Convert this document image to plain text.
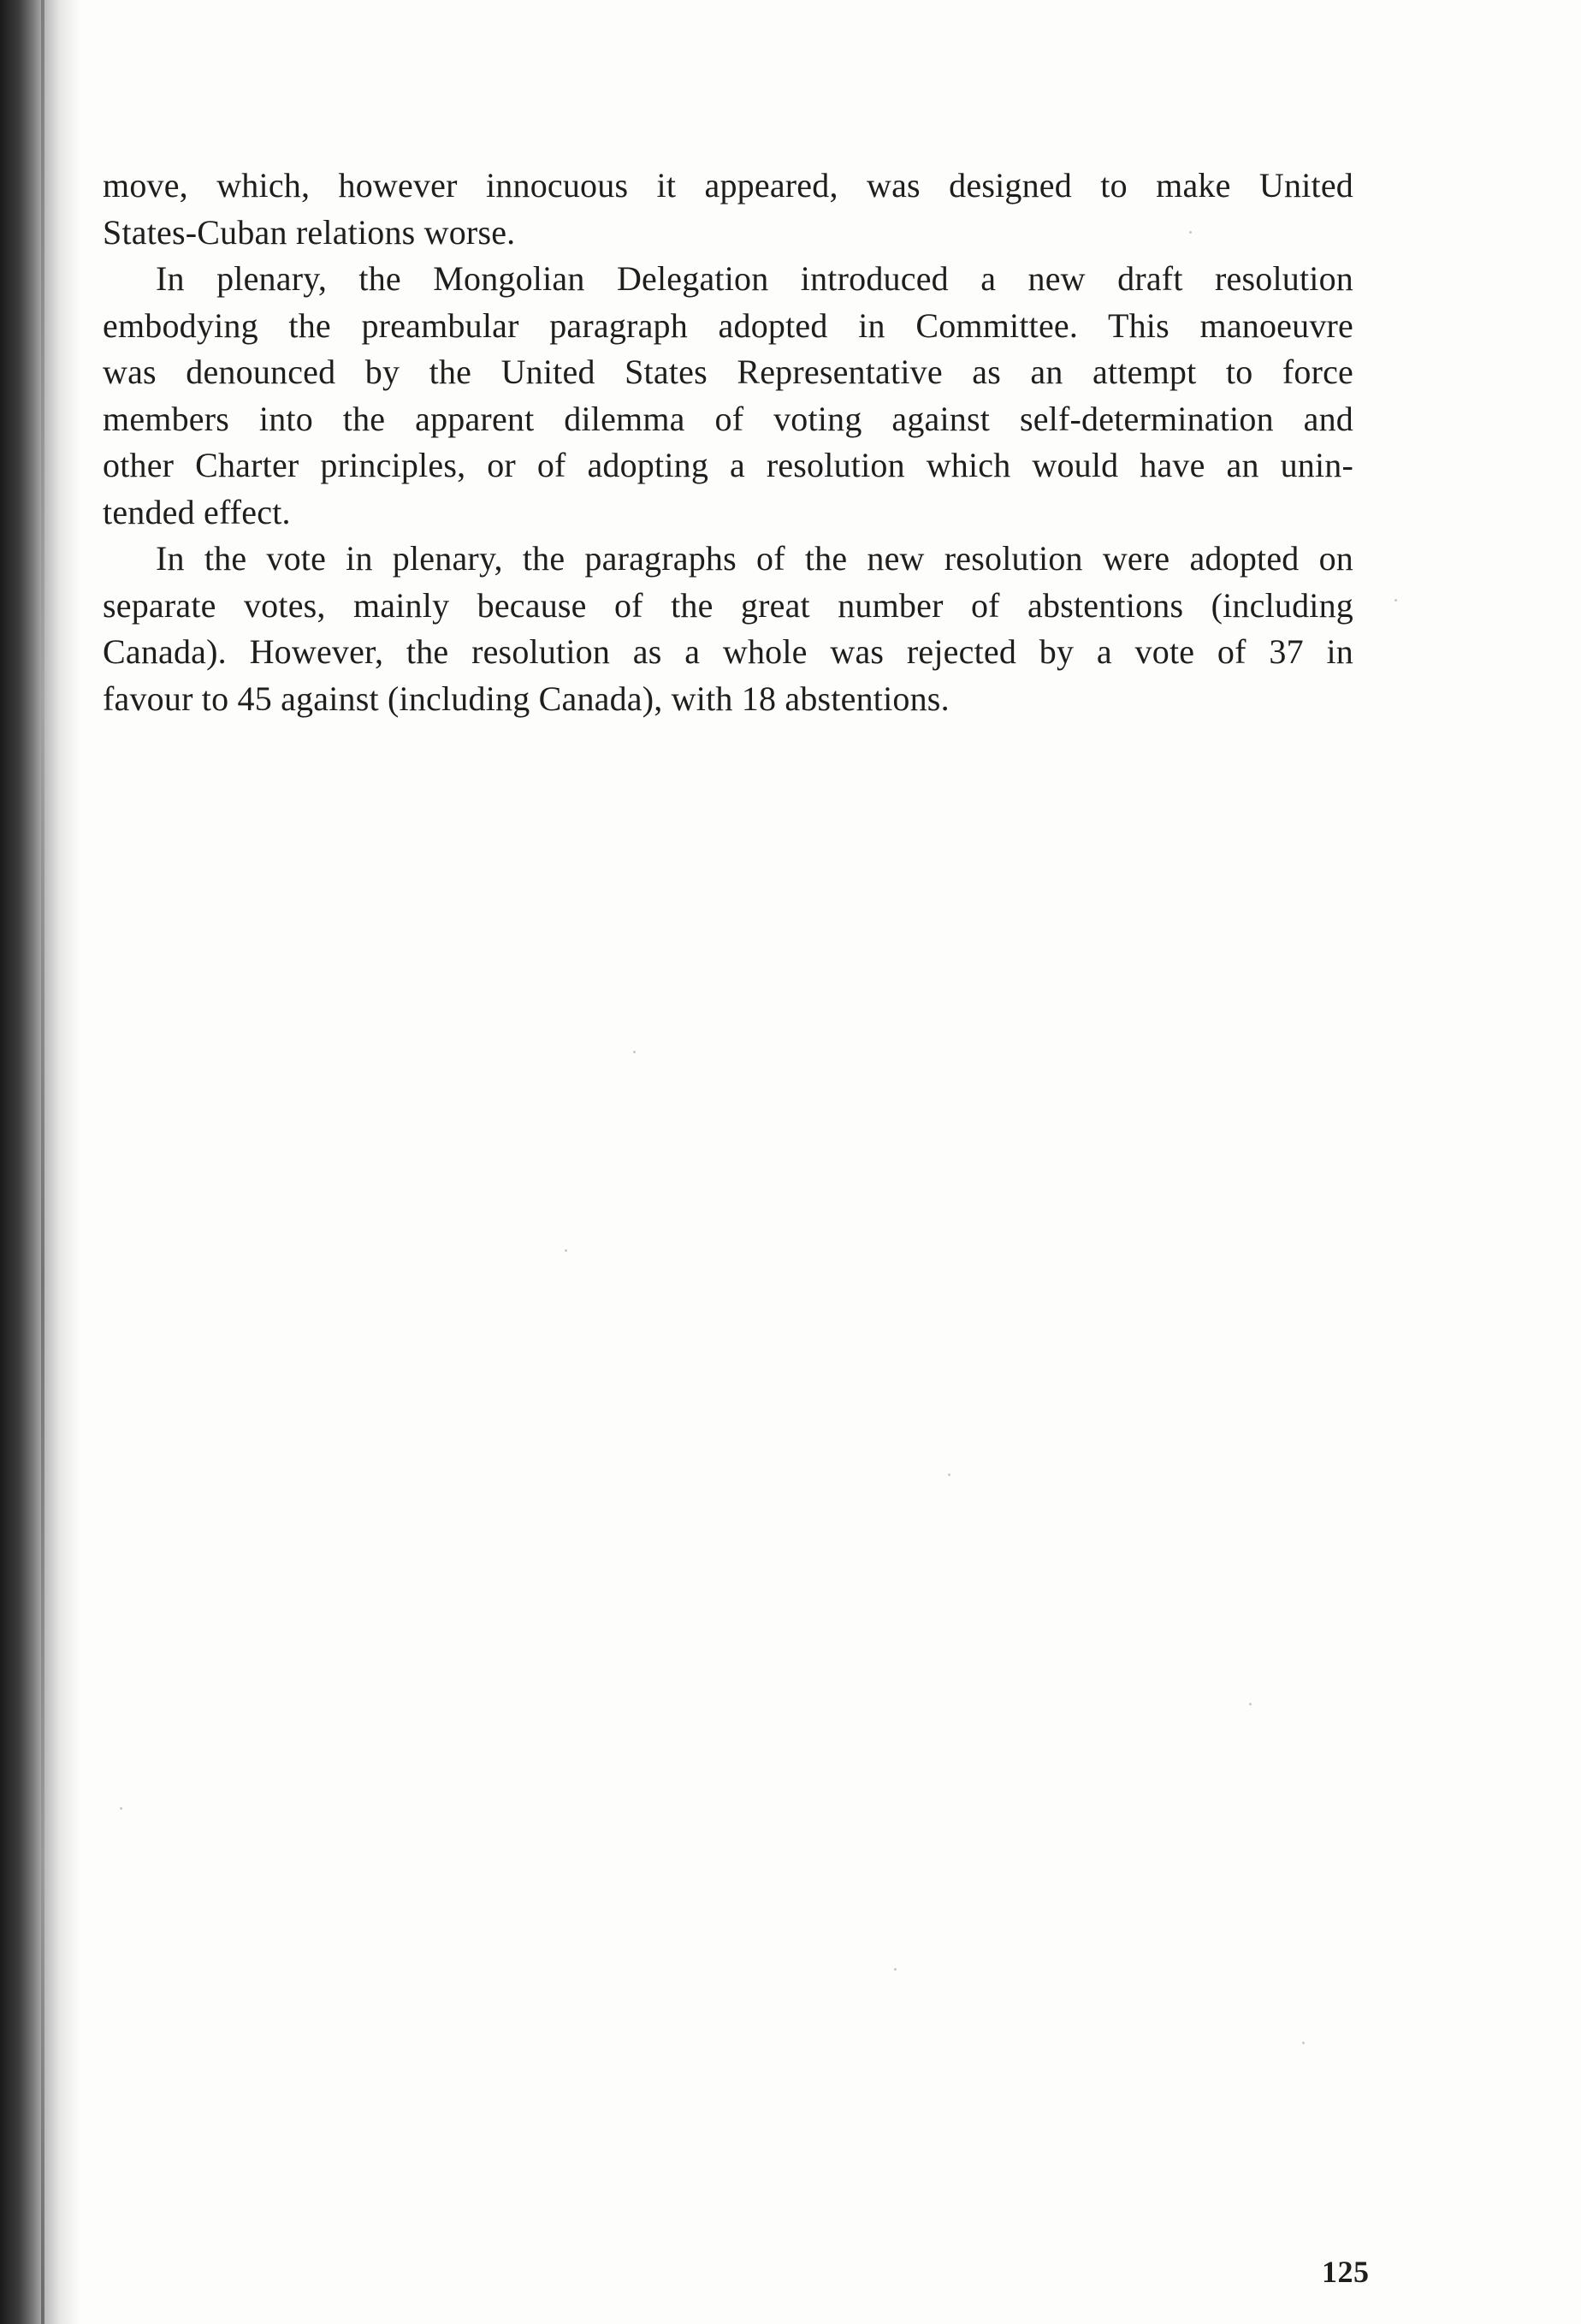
move, which, however innocuous it appeared, was designed to make United
States-Cuban relations worse.
In plenary, the Mongolian Delegation introduced a new draft resolution
embodying the preambular paragraph adopted in Committee. This manoeuvre
was denounced by the United States Representative as an attempt to force
members into the apparent dilemma of voting against self-determination and
other Charter principles, or of adopting a resolution which would have an unin-
tended effect.
In the vote in plenary, the paragraphs of the new resolution were adopted on
separate votes, mainly because of the great number of abstentions (including
Canada). However, the resolution as a whole was rejected by a vote of 37 in
favour to 45 against (including Canada), with 18 abstentions.
125
